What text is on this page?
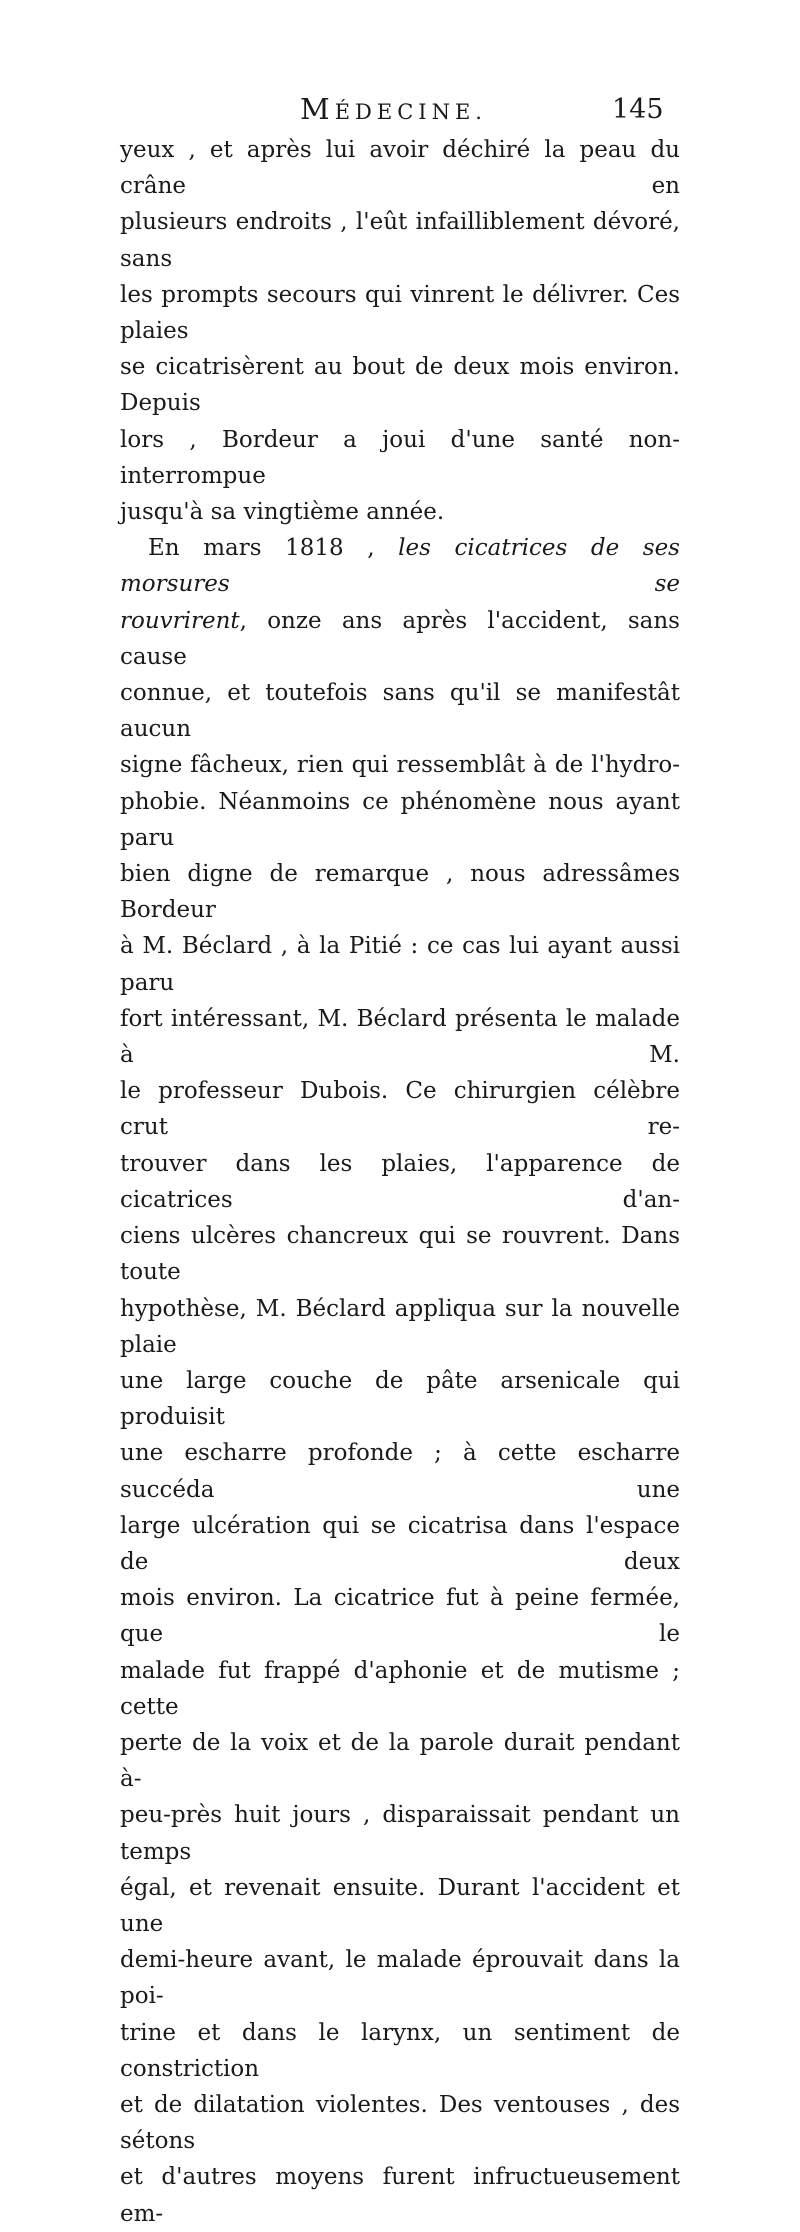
MÉDECINE.	145

yeux , et après lui avoir déchiré la peau du crâne en
plusieurs endroits , l'eût infailliblement dévoré, sans
les prompts secours qui vinrent le délivrer. Ces plaies
se cicatrisèrent au bout de deux mois environ. Depuis
lors , Bordeur a joui d'une santé non-interrompue
jusqu'à sa vingtième année.

En mars 1818 , les cicatrices de ses morsures se
rouvrirent, onze ans après l'accident, sans cause
connue, et toutefois sans qu'il se manifestât aucun
signe fâcheux, rien qui ressemblât à de l'hydro-
phobie. Néanmoins ce phénomène nous ayant paru
bien digne de remarque , nous adressâmes Bordeur
à M. Béclard , à la Pitié : ce cas lui ayant aussi paru
fort intéressant, M. Béclard présenta le malade à M.
le professeur Dubois. Ce chirurgien célèbre crut re-
trouver dans les plaies, l'apparence de cicatrices d'an-
ciens ulcères chancreux qui se rouvrent. Dans toute
hypothèse, M. Béclard appliqua sur la nouvelle plaie
une large couche de pâte arsenicale qui produisit
une escharre profonde ; à cette escharre succéda une
large ulcération qui se cicatrisa dans l'espace de deux
mois environ. La cicatrice fut à peine fermée, que le
malade fut frappé d'aphonie et de mutisme ; cette
perte de la voix et de la parole durait pendant à-
peu-près huit jours , disparaissait pendant un temps
égal, et revenait ensuite. Durant l'accident et une
demi-heure avant, le malade éprouvait dans la poi-
trine et dans le larynx, un sentiment de constriction
et de dilatation violentes. Des ventouses , des sétons
et d'autres moyens furent infructueusement em-
